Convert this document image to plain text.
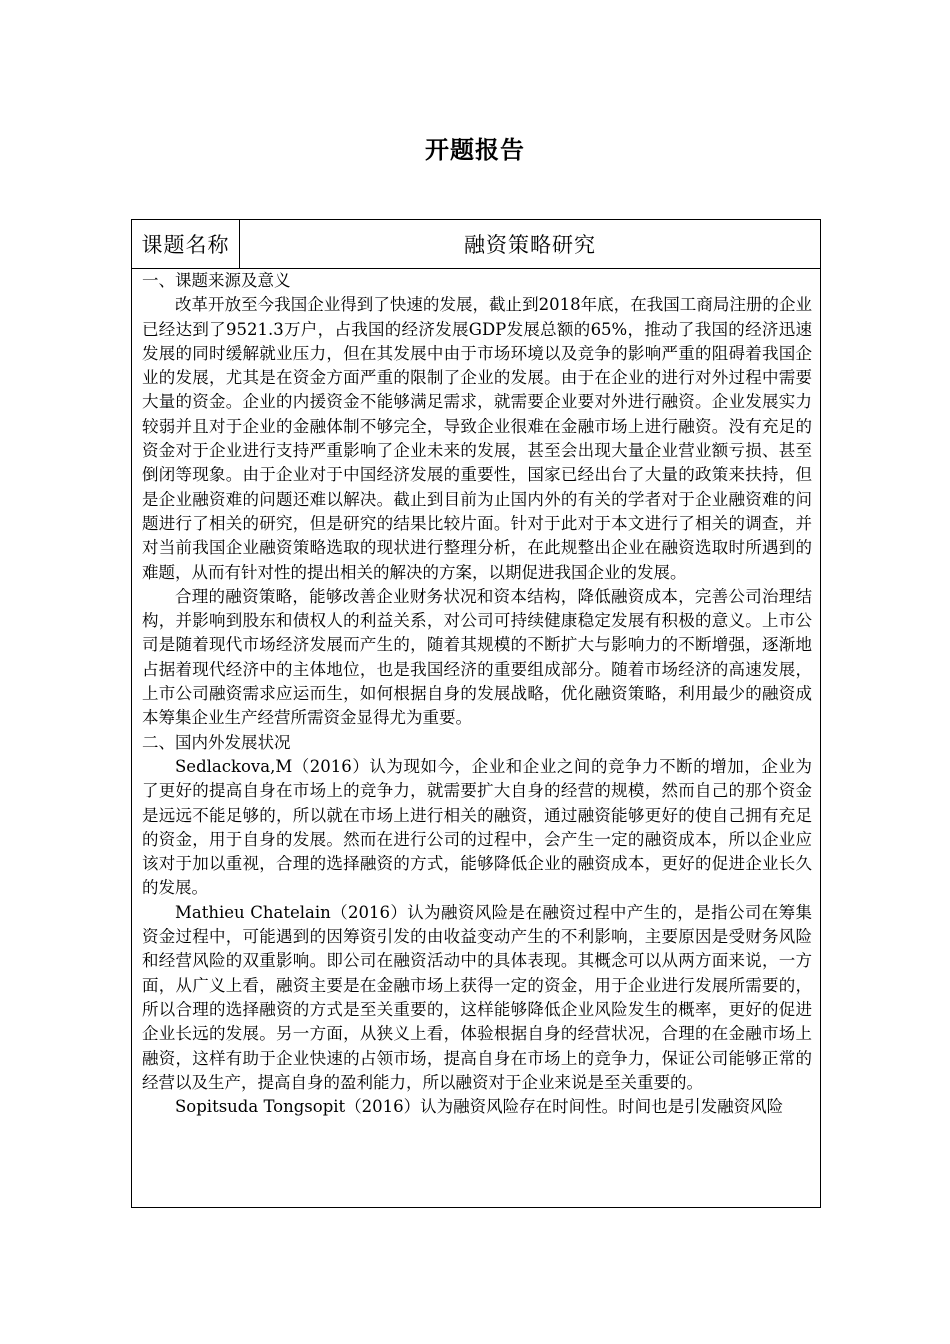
开题报告
课题名称	融资策略研究

一、课题来源及意义

改革开放至今我国企业得到了快速的发展，截止到2018年底，在我国工商局注册的企业已经达到了9521.3万户，占我国的经济发展GDP发展总额的65%，推动了我国的经济迅速发展的同时缓解就业压力，但在其发展中由于市场环境以及竞争的影响严重的阻碍着我国企业的发展，尤其是在资金方面严重的限制了企业的发展。由于在企业的进行对外过程中需要大量的资金。企业的内援资金不能够满足需求，就需要企业要对外进行融资。企业发展实力较弱并且对于企业的金融体制不够完全，导致企业很难在金融市场上进行融资。没有充足的资金对于企业进行支持严重影响了企业未来的发展，甚至会出现大量企业营业额亏损、甚至倒闭等现象。由于企业对于中国经济发展的重要性，国家已经出台了大量的政策来扶持，但是企业融资难的问题还难以解决。截止到目前为止国内外的有关的学者对于企业融资难的问题进行了相关的研究，但是研究的结果比较片面。针对于此对于本文进行了相关的调查，并对当前我国企业融资策略选取的现状进行整理分析，在此规整出企业在融资选取时所遇到的难题，从而有针对性的提出相关的解决的方案，以期促进我国企业的发展。

合理的融资策略，能够改善企业财务状况和资本结构，降低融资成本，完善公司治理结构，并影响到股东和债权人的利益关系，对公司可持续健康稳定发展有积极的意义。上市公司是随着现代市场经济发展而产生的，随着其规模的不断扩大与影响力的不断增强，逐渐地占据着现代经济中的主体地位，也是我国经济的重要组成部分。随着市场经济的高速发展，上市公司融资需求应运而生，如何根据自身的发展战略，优化融资策略，利用最少的融资成本筹集企业生产经营所需资金显得尤为重要。

二、国内外发展状况

Sedlackova,M（2016）认为现如今，企业和企业之间的竞争力不断的增加，企业为了更好的提高自身在市场上的竞争力，就需要扩大自身的经营的规模，然而自己的那个资金是远远不能足够的，所以就在市场上进行相关的融资，通过融资能够更好的使自己拥有充足的资金，用于自身的发展。然而在进行公司的过程中，会产生一定的融资成本，所以企业应该对于加以重视，合理的选择融资的方式，能够降低企业的融资成本，更好的促进企业长久的发展。

Mathieu Chatelain（2016）认为融资风险是在融资过程中产生的，是指公司在筹集资金过程中，可能遇到的因筹资引发的由收益变动产生的不利影响，主要原因是受财务风险和经营风险的双重影响。即公司在融资活动中的具体表现。其概念可以从两方面来说，一方面，从广义上看，融资主要是在金融市场上获得一定的资金，用于企业进行发展所需要的，所以合理的选择融资的方式是至关重要的，这样能够降低企业风险发生的概率，更好的促进企业长远的发展。另一方面，从狭义上看，体验根据自身的经营状况，合理的在金融市场上融资，这样有助于企业快速的占领市场，提高自身在市场上的竞争力，保证公司能够正常的经营以及生产，提高自身的盈利能力，所以融资对于企业来说是至关重要的。

Sopitsuda Tongsopit（2016）认为融资风险存在时间性。时间也是引发融资风险
